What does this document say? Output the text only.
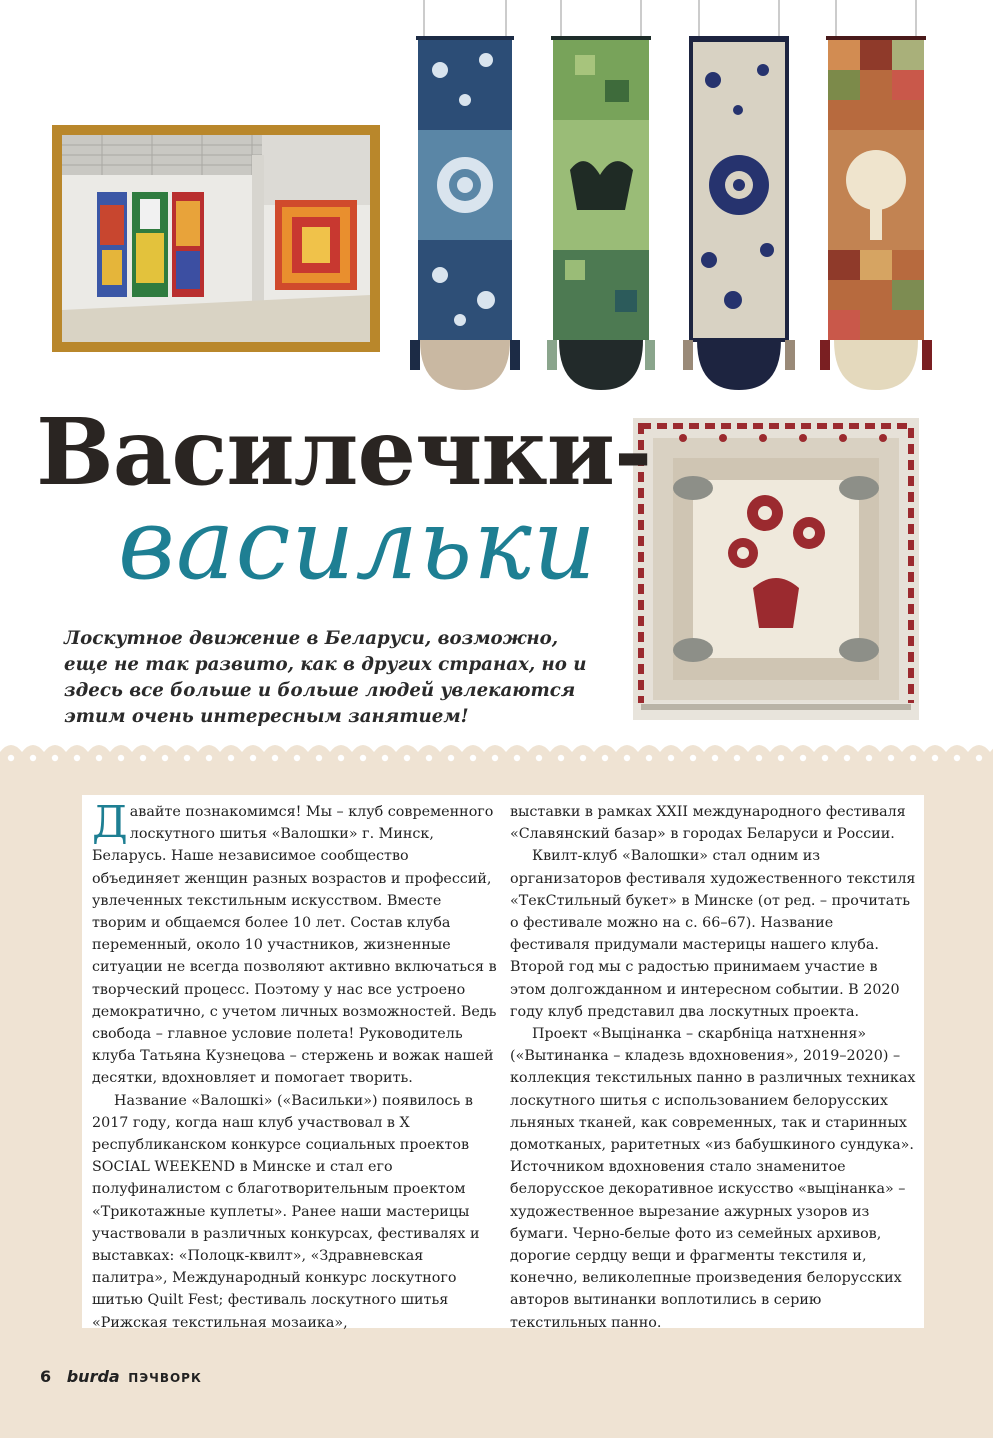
Василечки-
васильки

Лоскутное движение в Беларуси, возможно, еще не так развито, как в других странах, но и здесь все больше и больше людей увлекаются этим очень интересным занятием!

Давайте познакомимся! Мы – клуб современного лоскутного шитья «Валошки» г. Минск, Беларусь. Наше независимое сообщество объединяет женщин разных возрастов и профессий, увлеченных текстильным искусством. Вместе творим и общаемся более 10 лет. Состав клуба переменный, около 10 участников, жизненные ситуации не всегда позволяют активно включаться в творческий процесс. Поэтому у нас все устроено демократично, с учетом личных возможностей. Ведь свобода – главное условие полета! Руководитель клуба Татьяна Кузнецова – стержень и вожак нашей десятки, вдохновляет и помогает творить.

Название «Валошкі» («Васильки») появилось в 2017 году, когда наш клуб участвовал в X республиканском конкурсе социальных проектов SOCIAL WEEKEND в Минске и стал его полуфиналистом с благотворительным проектом «Трикотажные куплеты». Ранее наши мастерицы участвовали в различных конкурсах, фестивалях и выставках: «Полоцк-квилт», «Здравневская палитра», Международный конкурс лоскутного шитью Quilt Fest; фестиваль лоскутного шитья «Рижская текстильная мозаика»,

выставки в рамках XXII международного фестиваля «Славянский базар» в городах Беларуси и России.

Квилт-клуб «Валошки» стал одним из организаторов фестиваля художественного текстиля «ТекСтильный букет» в Минске (от ред. – прочитать о фестивале можно на с. 66–67). Название фестиваля придумали мастерицы нашего клуба. Второй год мы с радостью принимаем участие в этом долгожданном и интересном событии. В 2020 году клуб представил два лоскутных проекта.

Проект «Выцінанка – скарбніца натхнення» («Вытинанка – кладезь вдохновения», 2019–2020) – коллекция текстильных панно в различных техниках лоскутного шитья с использованием белорусских льняных тканей, как современных, так и старинных домотканых, раритетных «из бабушкиного сундука». Источником вдохновения стало знаменитое белорусское декоративное искусство «выцінанка» – художественное вырезание ажурных узоров из бумаги. Черно-белые фото из семейных архивов, дорогие сердцу вещи и фрагменты текстиля и, конечно, великолепные произведения белорусских авторов вытинанки воплотились в серию текстильных панно.

6 burda ПЭЧВОРК
